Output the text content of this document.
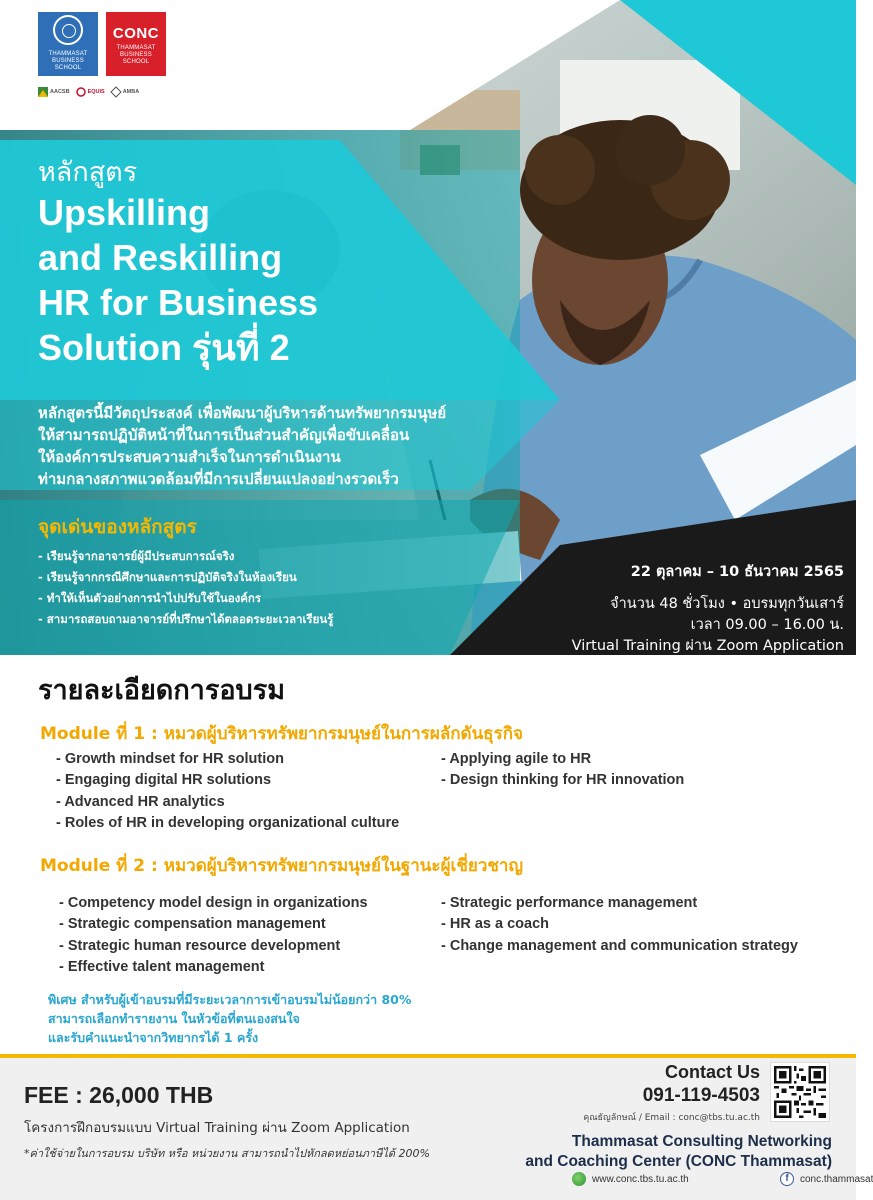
THAMMASAT
BUSINESS SCHOOL
CONC
THAMMASAT
BUSINESS SCHOOL
AACSB	EQUIS	AMBA
หลักสูตร
Upskilling
and Reskilling
HR for Business
Solution รุ่นที่ 2
หลักสูตรนี้มีวัตถุประสงค์ เพื่อพัฒนาผู้บริหารด้านทรัพยากรมนุษย์
ให้สามารถปฏิบัติหน้าที่ในการเป็นส่วนสำคัญเพื่อขับเคลื่อน
ให้องค์การประสบความสำเร็จในการดำเนินงาน
ท่ามกลางสภาพแวดล้อมที่มีการเปลี่ยนแปลงอย่างรวดเร็ว
จุดเด่นของหลักสูตร
- เรียนรู้จากอาจารย์ผู้มีประสบการณ์จริง
- เรียนรู้จากกรณีศึกษาและการปฏิบัติจริงในห้องเรียน
- ทำให้เห็นตัวอย่างการนำไปปรับใช้ในองค์กร
- สามารถสอบถามอาจารย์ที่ปรึกษาได้ตลอดระยะเวลาเรียนรู้
22 ตุลาคม – 10 ธันวาคม 2565
จำนวน 48 ชั่วโมง • อบรมทุกวันเสาร์
เวลา 09.00 – 16.00 น.
Virtual Training ผ่าน Zoom Application
รายละเอียดการอบรม
Module ที่ 1 : หมวดผู้บริหารทรัพยากรมนุษย์ในการผลักดันธุรกิจ
- Growth mindset for HR solution
- Engaging digital HR solutions
- Advanced HR analytics
- Roles of HR in developing organizational culture
- Applying agile to HR
- Design thinking for HR innovation
Module ที่ 2 : หมวดผู้บริหารทรัพยากรมนุษย์ในฐานะผู้เชี่ยวชาญ
- Competency model design in organizations
- Strategic compensation management
- Strategic human resource development
- Effective talent management
- Strategic performance management
- HR as a coach
- Change management and communication strategy
พิเศษ สำหรับผู้เข้าอบรมที่มีระยะเวลาการเข้าอบรมไม่น้อยกว่า 80%
สามารถเลือกทำรายงาน ในหัวข้อที่ตนเองสนใจ
และรับคำแนะนำจากวิทยากรได้ 1 ครั้ง
FEE : 26,000 THB
โครงการฝึกอบรมแบบ Virtual Training ผ่าน Zoom Application
*ค่าใช้จ่ายในการอบรม บริษัท หรือ หน่วยงาน สามารถนำไปหักลดหย่อนภาษีได้ 200%
Contact Us
091-119-4503
คุณธัญลักษณ์ / Email : conc@tbs.tu.ac.th
Thammasat Consulting Networking
and Coaching Center (CONC Thammasat)
www.conc.tbs.tu.ac.th	f	conc.thammasat
